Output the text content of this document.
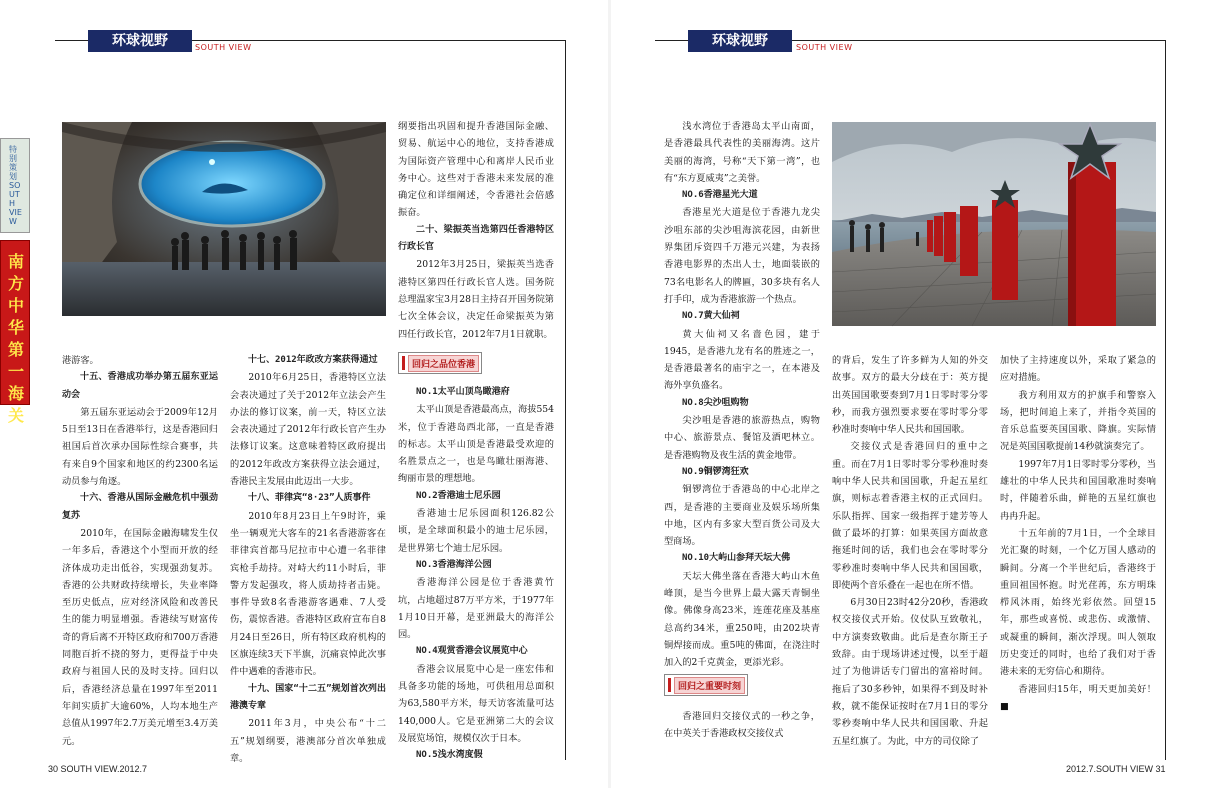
环球视野	SOUTH VIEW	环球视野	SOUTH VIEW
特别策划 SOUTH VIEW
南方中华第一海关

港游客。

十五、香港成功举办第五届东亚运动会

第五届东亚运动会于2009年12月5日至13日在香港举行，这是香港回归祖国后首次承办国际性综合赛事，共有来自9个国家和地区的约2300名运动员参与角逐。

十六、香港从国际金融危机中强劲复苏

2010年，在国际金融海啸发生仅一年多后，香港这个小型而开放的经济体成功走出低谷，实现强劲复苏。香港的公共财政持续增长，失业率降至历史低点，应对经济风险和改善民生的能力明显增强。香港续写财富传奇的背后离不开特区政府和700万香港同胞百折不挠的努力，更得益于中央政府与祖国人民的及时支持。回归以后，香港经济总量在1997年至2011年间实质扩大逾60%，人均本地生产总值从1997年2.7万美元增至3.4万美元。

十七、2012年政改方案获得通过

2010年6月25日，香港特区立法会表决通过了关于2012年立法会产生办法的修订议案，前一天，特区立法会表决通过了2012年行政长官产生办法修订议案。这意味着特区政府提出的2012年政改方案获得立法会通过，香港民主发展由此迈出一大步。

十八、菲律宾“8·23”人质事件

2010年8月23日上午9时许，乘坐一辆观光大客车的21名香港游客在菲律宾首都马尼拉市中心遭一名菲律宾枪手劫持。对峙大约11小时后，菲警方发起强攻，将人质劫持者击毙。事件导致8名香港游客遇难、7人受伤，震惊香港。香港特区政府宣布自8月24日至26日，所有特区政府机构的区旗连续3天下半旗，沉痛哀悼此次事件中遇难的香港市民。

十九、国家“十二五”规划首次列出港澳专章

2011年3月，中央公布“十二五”规划纲要，港澳部分首次单独成章。

纲要指出巩固和提升香港国际金融、贸易、航运中心的地位，支持香港成为国际资产管理中心和离岸人民币业务中心。这些对于香港未来发展的准确定位和详细阐述，令香港社会倍感振奋。

二十、梁振英当选第四任香港特区行政长官

2012年3月25日，梁振英当选香港特区第四任行政长官人选。国务院总理温家宝3月28日主持召开国务院第七次全体会议，决定任命梁振英为第四任行政长官，2012年7月1日就职。

回归之品位香港

NO.1太平山顶鸟瞰港府

太平山顶是香港最高点，海拔554米，位于香港岛西北部，一直是香港的标志。太平山顶是香港最受欢迎的名胜景点之一，也是鸟瞰壮丽海港、绚丽市景的理想地。

NO.2香港迪士尼乐园

香港迪士尼乐园面积126.82公顷，是全球面积最小的迪士尼乐园，是世界第七个迪士尼乐园。

NO.3香港海洋公园

香港海洋公园是位于香港黄竹坑，占地超过87万平方米，于1977年1月10日开幕，是亚洲最大的海洋公园。

NO.4观赏香港会议展览中心

香港会议展览中心是一座宏伟和具备多功能的场地，可供租用总面积为63,580平方米，每天访客流量可达140,000人。它是亚洲第二大的会议及展览场馆，规模仅次于日本。

NO.5浅水湾度假

浅水湾位于香港岛太平山南面，是香港最具代表性的美丽海湾。这片美丽的海湾，号称“天下第一湾”，也有“东方夏威夷”之美誉。

NO.6香港星光大道

香港星光大道是位于香港九龙尖沙咀东部的尖沙咀海滨花园，由新世界集团斥资四千万港元兴建，为表扬香港电影界的杰出人士，地面装嵌的73名电影名人的牌匾，30多块有名人打手印，成为香港旅游一个热点。

NO.7黄大仙祠

黄大仙祠又名啬色园，建于1945，是香港九龙有名的胜迹之一，是香港最著名的庙宇之一，在本港及海外享负盛名。

NO.8尖沙咀购物

尖沙咀是香港的旅游热点，购物中心、旅游景点、餐馆及酒吧林立。是香港购物及夜生活的黄金地带。

NO.9铜锣湾狂欢

铜锣湾位于香港岛的中心北岸之西，是香港的主要商业及娱乐场所集中地，区内有多家大型百货公司及大型商场。

NO.10大屿山参拜天坛大佛

天坛大佛坐落在香港大屿山木鱼峰顶，是当今世界上最大露天青铜坐像。佛像身高23米，连莲花座及基座总高约34米，重250吨，由202块青铜焊接而成。重5吨的佛面，在浇注时加入的2千克黄金，更添光彩。

回归之重要时刻

香港回归交接仪式的一秒之争，在中英关于香港政权交接仪式

的背后，发生了许多鲜为人知的外交故事。双方的最大分歧在于：英方提出英国国歌要奏到7月1日零时零分零秒，而我方强烈要求要在零时零分零秒准时奏响中华人民共和国国歌。

交接仪式是香港回归的重中之重。而在7月1日零时零分零秒准时奏响中华人民共和国国歌，升起五星红旗，则标志着香港主权的正式回归。乐队指挥、国家一级指挥于建芳等人做了最坏的打算：如果英国方面故意拖延时间的话，我们也会在零时零分零秒准时奏响中华人民共和国国歌，即使两个音乐叠在一起也在所不惜。

6月30日23时42分20秒，香港政权交接仪式开始。仪仗队互致敬礼，中方演奏致敬曲。此后是查尔斯王子致辞。由于现场讲述过慢，以至于超过了为他讲话专门留出的富裕时间。拖后了30多秒钟，如果得不到及时补救，就不能保证按时在7月1日的零分零秒奏响中华人民共和国国歌、升起五星红旗了。为此，中方的司仪除了

加快了主持速度以外，采取了紧急的应对措施。

我方利用双方的护旗手和警察入场，把时间追上来了，并指令英国的音乐总监要英国国歌、降旗。实际情况是英国国歌提前14秒就演奏完了。

1997年7月1日零时零分零秒，当雄壮的中华人民共和国国歌准时奏响时，伴随着乐曲，鲜艳的五星红旗也冉冉升起。

十五年前的7月1日，一个全球目光汇聚的时刻，一个亿万国人感动的瞬间。分离一个半世纪后，香港终于重回祖国怀抱。时光荏苒，东方明珠栉风沐雨，始终光彩依然。回望15年，那些或喜悦、或悲伤、或激情、或凝重的瞬间，渐次浮现。叫人领取历史变迁的同时，也给了我们对于香港未来的无穷信心和期待。

香港回归15年，明天更加美好！ ■

30 SOUTH VIEW.2012.7	2012.7.SOUTH VIEW 31
